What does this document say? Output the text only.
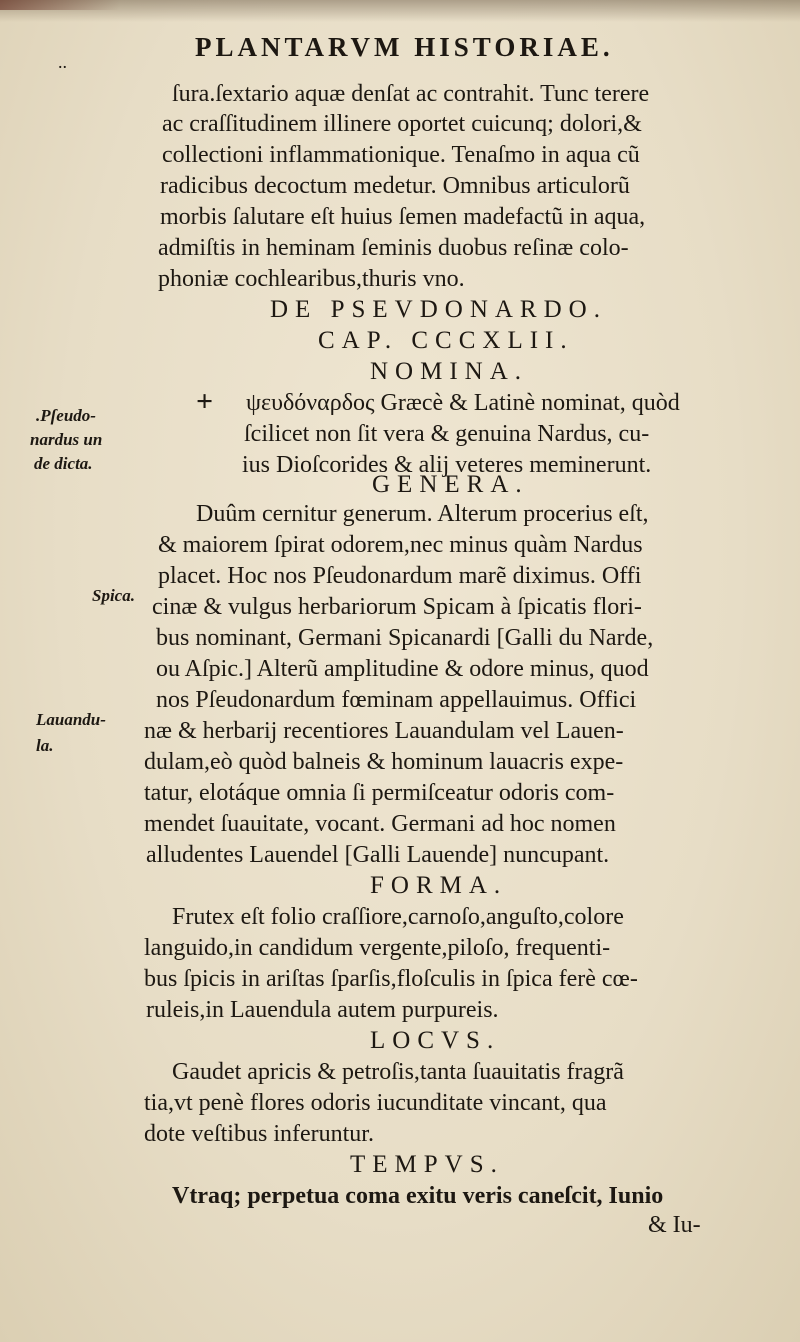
..	PLANTARVM HISTORIAE.
.Pſeudo-
nardus un
de dicta.
Spica.
Lauandu-
la.
+
ſura.ſextario aquæ denſat ac contrahit. Tunc terere
ac craſſitudinem illinere oportet cuicunq; dolori,&
collectioni inflammationique. Tenaſmo in aqua cũ
radicibus decoctum medetur. Omnibus articulorũ
morbis ſalutare eſt huius ſemen madefactũ in aqua,
admiſtis in heminam ſeminis duobus reſinæ colo-
phoniæ cochlearibus,thuris vno.
DE PSEVDONARDO.
CAP. CCCXLII.
NOMINA.
ψευδόναρδος Græcè & Latinè nominat, quòd
ſcilicet non ſit vera & genuina Nardus, cu-
ius Dioſcorides & alij veteres meminerunt.
GENERA.
Duûm cernitur generum. Alterum procerius eſt,
& maiorem ſpirat odorem,nec minus quàm Nardus
placet. Hoc nos Pſeudonardum marẽ diximus. Offi
cinæ & vulgus herbariorum Spicam à ſpicatis flori-
bus nominant, Germani Spicanardi [Galli du Narde,
ou Aſpic.] Alterũ amplitudine & odore minus, quod
nos Pſeudonardum fœminam appellauimus. Offici
næ & herbarij recentiores Lauandulam vel Lauen-
dulam,eò quòd balneis & hominum lauacris expe-
tatur, elotáque omnia ſi permiſceatur odoris com-
mendet ſuauitate, vocant. Germani ad hoc nomen
alludentes Lauendel [Galli Lauende] nuncupant.
FORMA.
Frutex eſt folio craſſiore,carnoſo,anguſto,colore
languido,in candidum vergente,piloſo, frequenti-
bus ſpicis in ariſtas ſparſis,floſculis in ſpica ferè cœ-
ruleis,in Lauendula autem purpureis.
LOCVS.
Gaudet apricis & petroſis,tanta ſuauitatis fragrã
tia,vt penè flores odoris iucunditate vincant, qua
dote veſtibus inferuntur.
TEMPVS.
Vtraq; perpetua coma exitu veris caneſcit, Iunio
& Iu-
